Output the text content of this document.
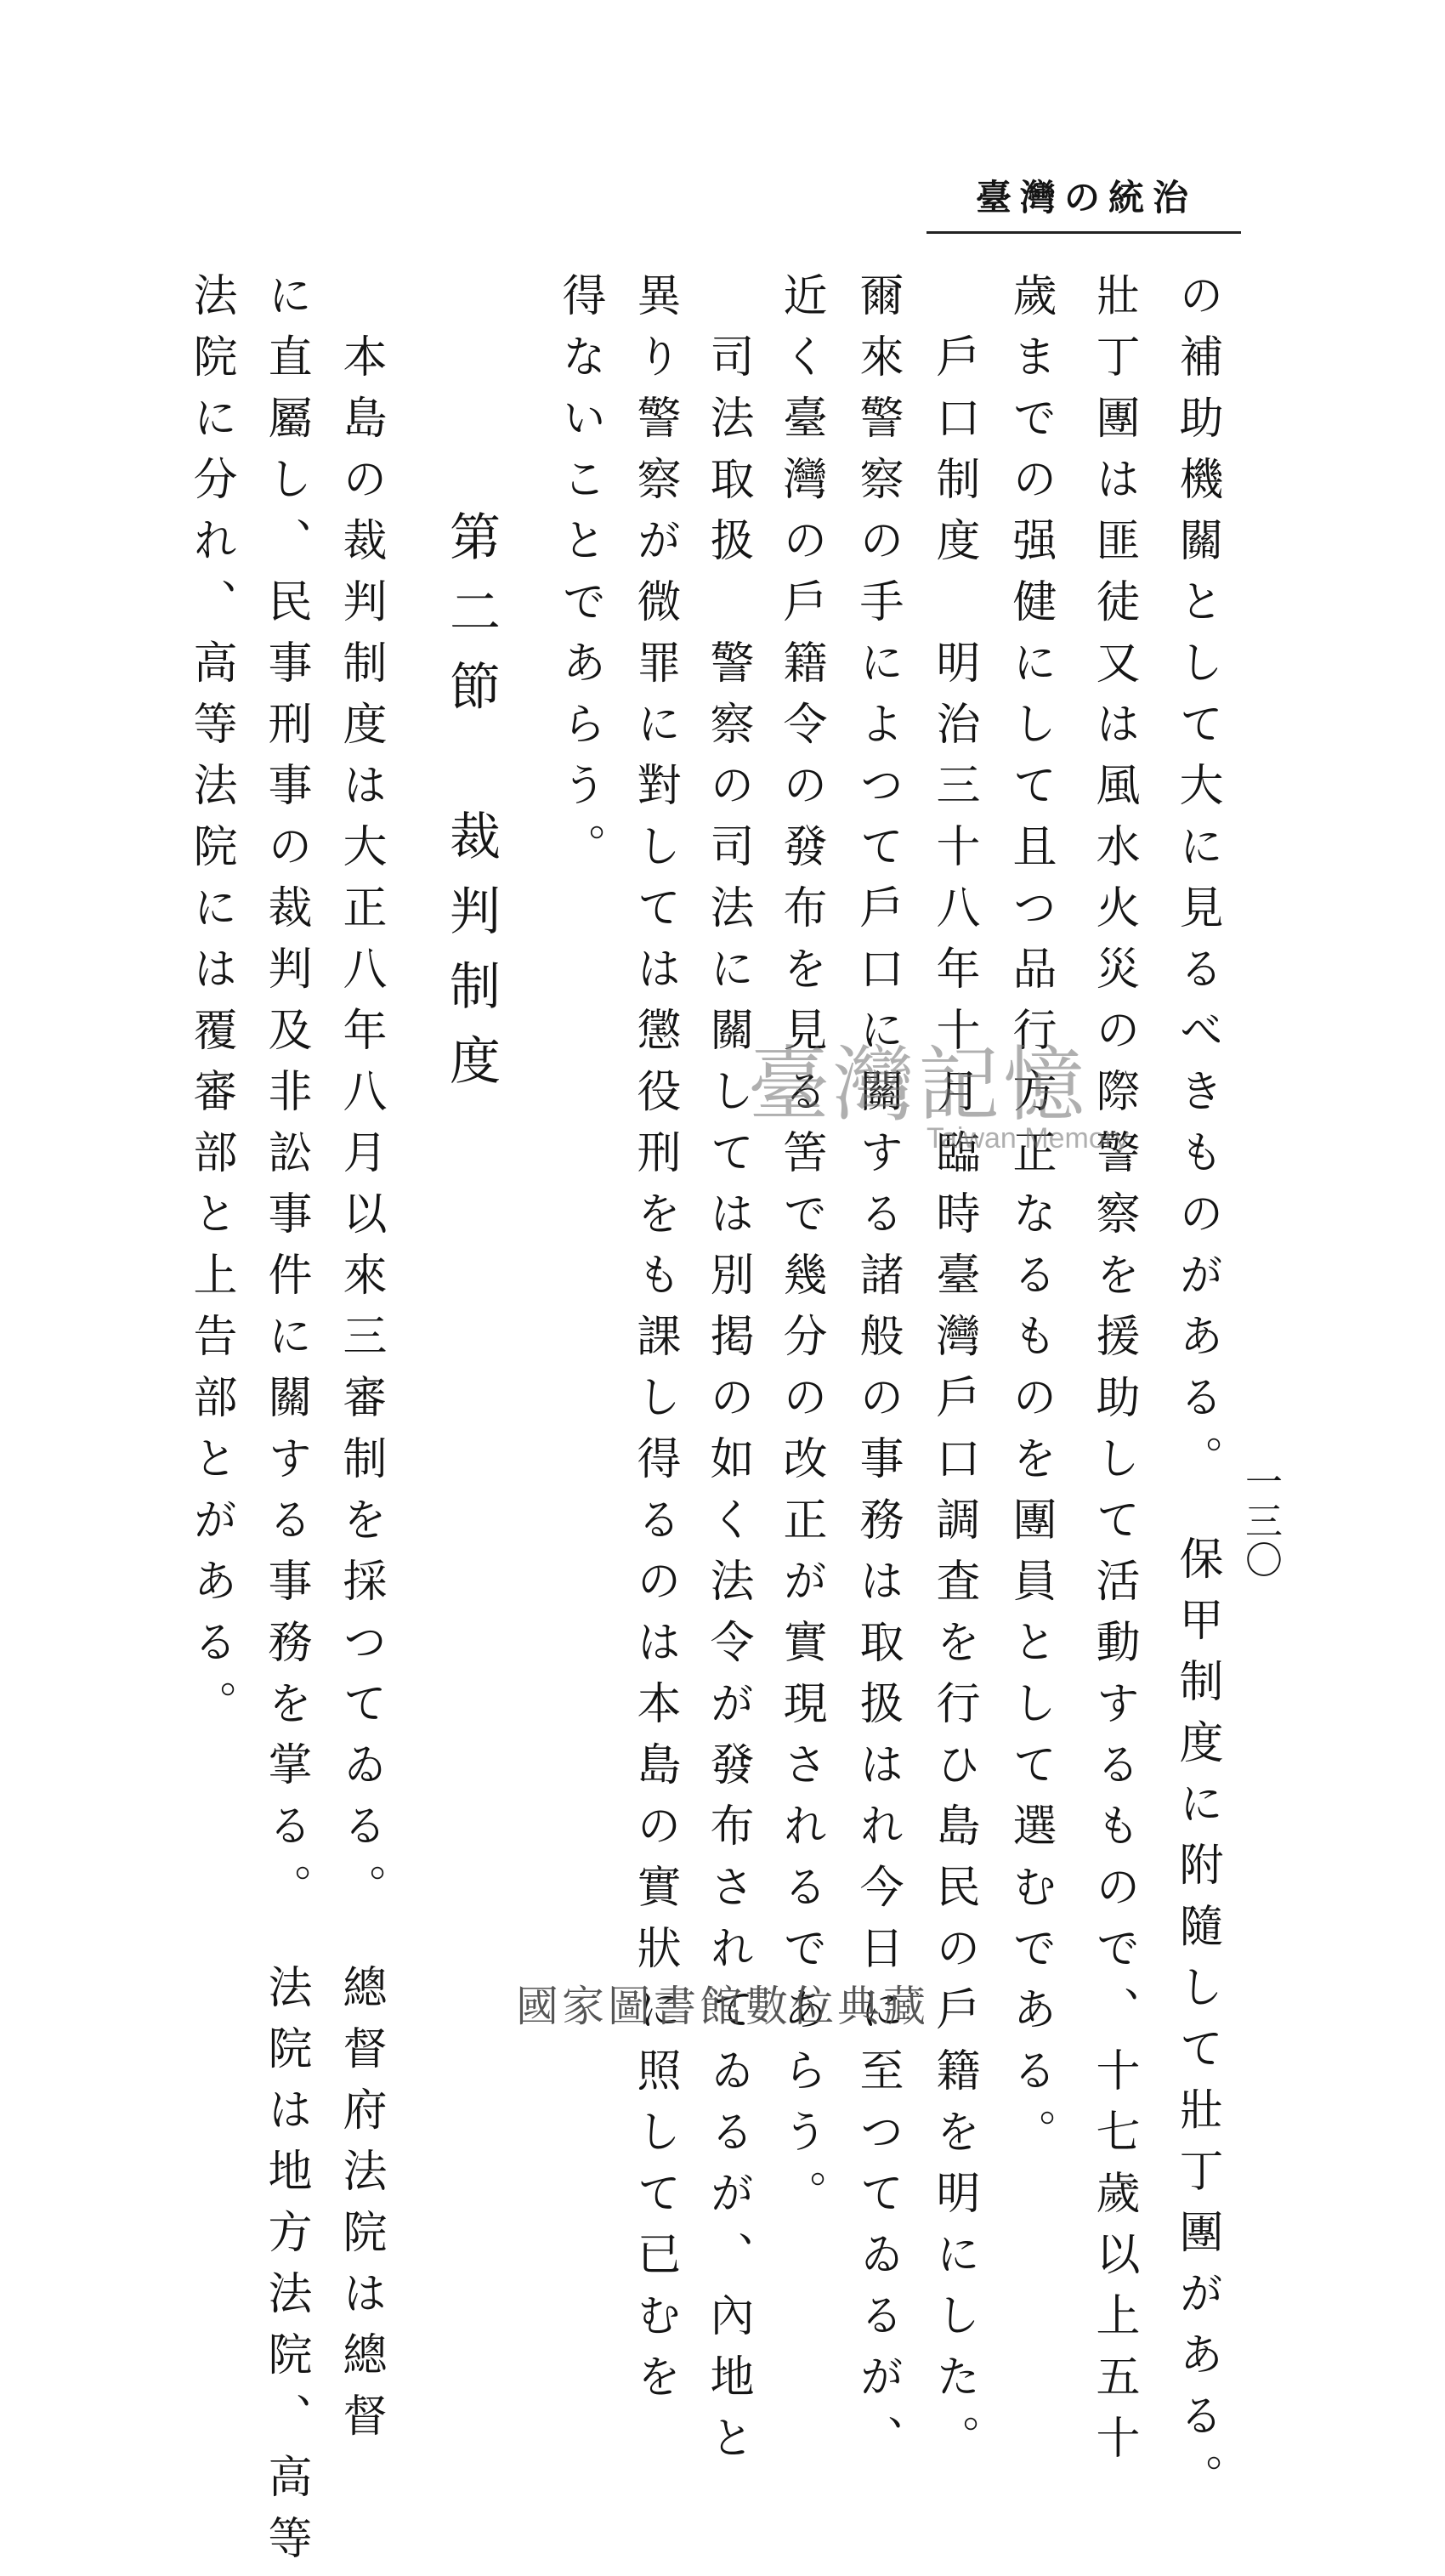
臺灣の統治
一三〇
の補助機關として大に見るべきものがある。　保甲制度に附隨して壯丁團がある。
壯丁團は匪徒又は風水火災の際警察を援助して活動するもので、十七歲以上五十
歲までの强健にして且つ品行方正なるものを團員として選むである。
戶口制度　明治三十八年十月臨時臺灣戶口調査を行ひ島民の戶籍を明にした。
爾來警察の手によつて戶口に關する諸般の事務は取扱はれ今日に至つてゐるが、
近く臺灣の戶籍令の發布を見る筈で幾分の改正が實現されるであらう。
司法取扱　警察の司法に關しては別掲の如く法令が發布されてゐるが、內地と
異り警察が微罪に對しては懲役刑をも課し得るのは本島の實狀に照して已むを
得ないことであらう。
第二節　裁判制度
本島の裁判制度は大正八年八月以來三審制を採つてゐる。　總督府法院は總督
に直屬し、民事刑事の裁判及非訟事件に關する事務を掌る。　法院は地方法院、高等
法院に分れ、高等法院には覆審部と上告部とがある。	臺灣記憶
Taiwan Memory
國家圖書館數位典藏
